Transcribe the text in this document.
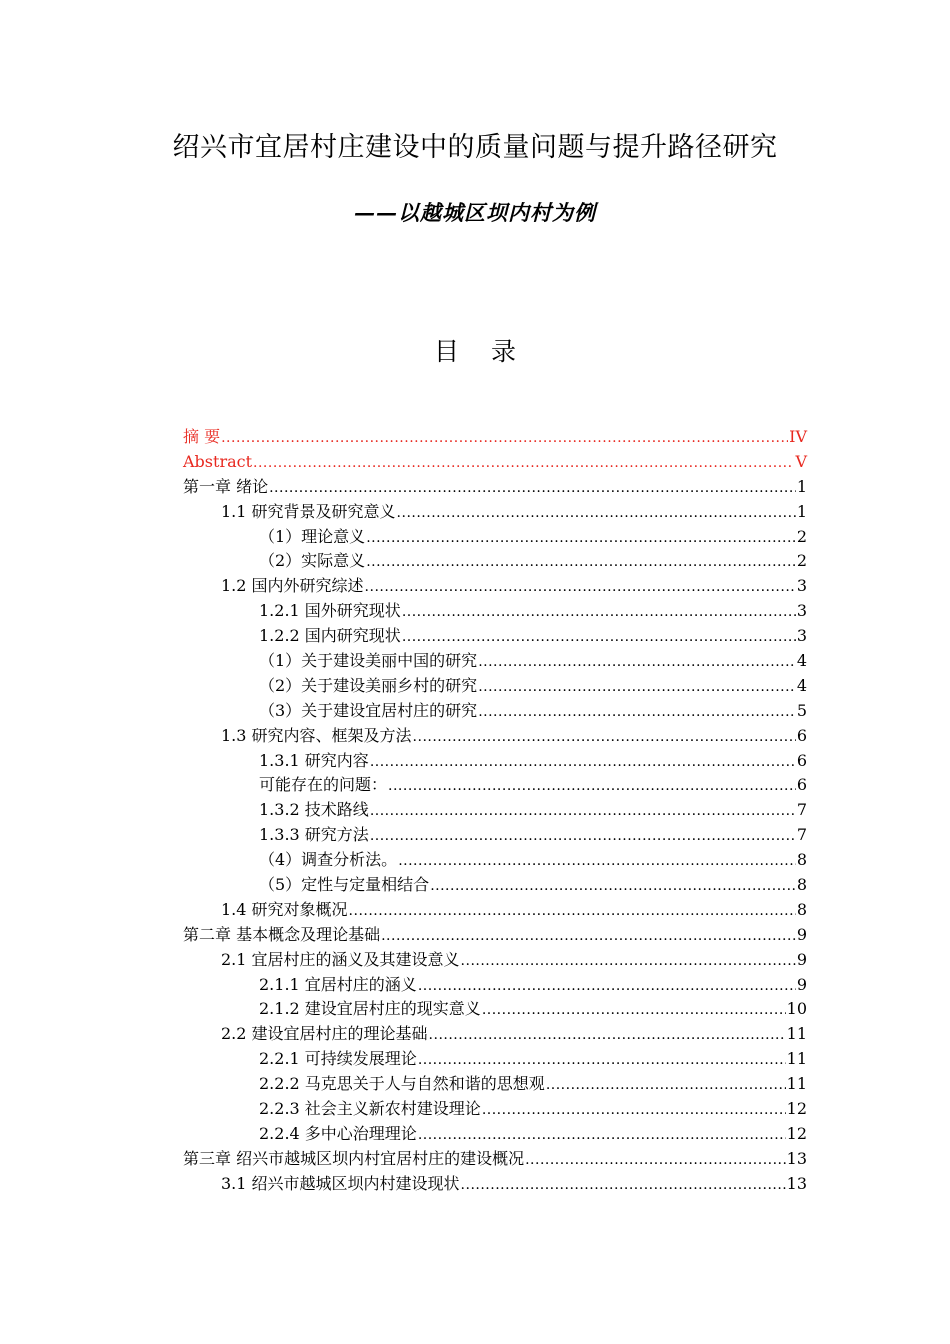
绍兴市宜居村庄建设中的质量问题与提升路径研究
——以越城区坝内村为例
目 录
摘 要 .....	IV
Abstract .....	V
第一章 绪论 .....	1
1.1 研究背景及研究意义 .....	1
（1）理论意义 .....	2
（2）实际意义 .....	2
1.2 国内外研究综述 .....	3
1.2.1 国外研究现状 .....	3
1.2.2 国内研究现状 .....	3
（1）关于建设美丽中国的研究 .....	4
（2）关于建设美丽乡村的研究 .....	4
（3）关于建设宜居村庄的研究 .....	5
1.3 研究内容、框架及方法 .....	6
1.3.1 研究内容 .....	6
可能存在的问题： .....	6
1.3.2 技术路线 .....	7
1.3.3 研究方法 .....	7
（4）调查分析法。 .....	8
（5）定性与定量相结合 .....	8
1.4 研究对象概况 .....	8
第二章 基本概念及理论基础 .....	9
2.1 宜居村庄的涵义及其建设意义 .....	9
2.1.1 宜居村庄的涵义 .....	9
2.1.2 建设宜居村庄的现实意义 .....	10
2.2 建设宜居村庄的理论基础 .....	11
2.2.1 可持续发展理论 .....	11
2.2.2 马克思关于人与自然和谐的思想观 .....	11
2.2.3 社会主义新农村建设理论 .....	12
2.2.4 多中心治理理论 .....	12
第三章 绍兴市越城区坝内村宜居村庄的建设概况 .....	13
3.1 绍兴市越城区坝内村建设现状 .....	13
